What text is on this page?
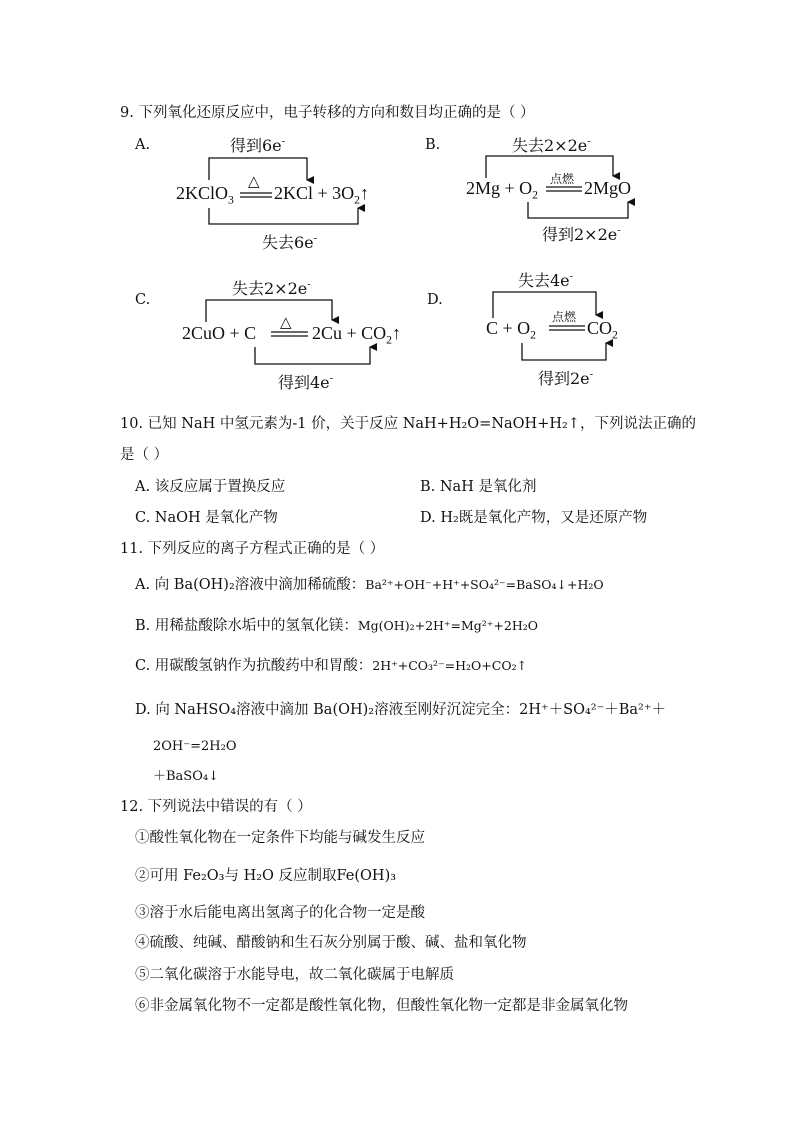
9. 下列氧化还原反应中，电子转移的方向和数目均正确的是（ ）
A.	得到6e-
2KClO$_3$
△
$2KCl + 3O_2↑$
失去6e-
B.	失去2×2e-
$2Mg + O_2$
点燃 2MgO
得到2×2e-
C.
失去2×2e-
2CuO + C
△
$2Cu + CO_2↑$
得到4e-
D.
失去4e-
$C + O_2$
点燃
$CO_2$
得到2e-
10. 已知 NaH 中氢元素为-1 价，关于反应 NaH+H₂O=NaOH+H₂↑，下列说法正确的
是（ ）
A. 该反应属于置换反应	B. NaH 是氧化剂
C. NaOH 是氧化产物	D. H₂既是氧化产物，又是还原产物
11. 下列反应的离子方程式正确的是（ ）
A. 向 Ba(OH)₂溶液中滴加稀硫酸：Ba²⁺+OH⁻+H⁺+SO₄²⁻=BaSO₄↓+H₂O
B. 用稀盐酸除水垢中的氢氧化镁：Mg(OH)₂+2H⁺=Mg²⁺+2H₂O
C. 用碳酸氢钠作为抗酸药中和胃酸：2H⁺+CO₃²⁻=H₂O+CO₂↑
D. 向 NaHSO₄溶液中滴加 Ba(OH)₂溶液至刚好沉淀完全：2H⁺＋SO₄²⁻＋Ba²⁺＋
2OH⁻=2H₂O
＋BaSO₄↓
12. 下列说法中错误的有（ ）
①酸性氧化物在一定条件下均能与碱发生反应
②可用 Fe₂O₃与 H₂O 反应制取Fe(OH)₃
③溶于水后能电离出氢离子的化合物一定是酸
④硫酸、纯碱、醋酸钠和生石灰分别属于酸、碱、盐和氧化物
⑤二氧化碳溶于水能导电，故二氧化碳属于电解质
⑥非金属氧化物不一定都是酸性氧化物，但酸性氧化物一定都是非金属氧化物
